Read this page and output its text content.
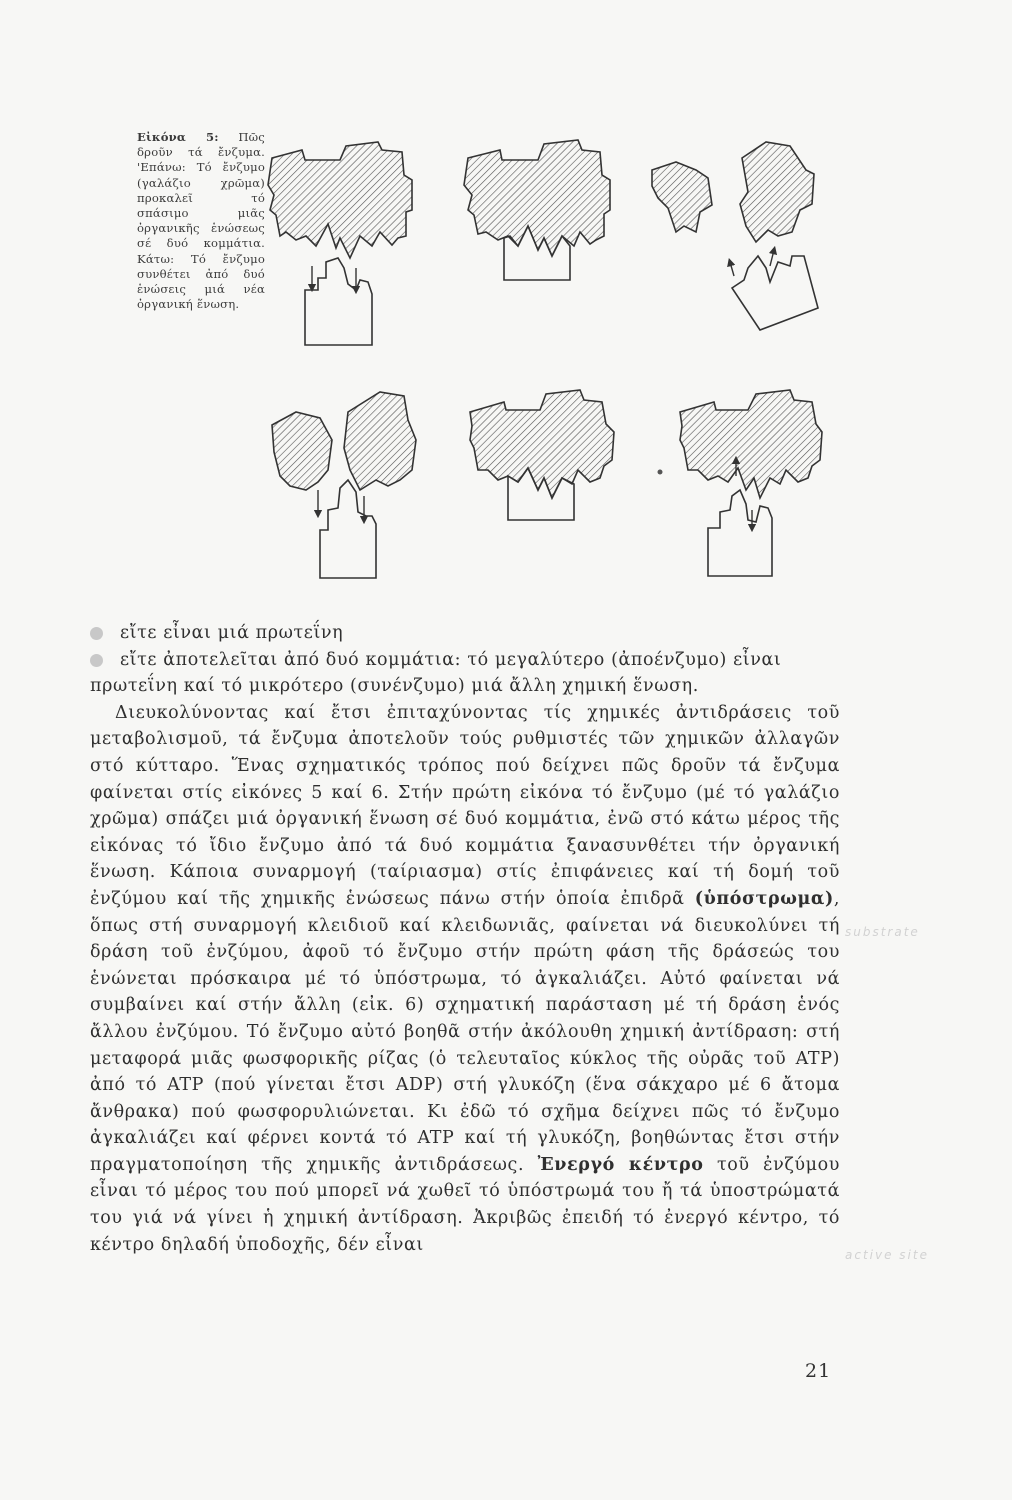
Εἰκόνα 5: Πῶς δροῦν τά ἔνζυμα. 'Επάνω: Τό ἔνζυμο (γαλάζιο χρῶμα) προκαλεῖ τό σπάσιμο μιᾶς ὀργανικῆς ἑνώσεως σέ δυό κομμάτια. Κάτω: Τό ἔνζυμο συνθέτει ἀπό δυό ἑνώσεις μιά νέα ὀργανική ἕνωση.
εἴτε εἶναι μιά πρωτεΐνη
εἴτε ἀποτελεῖται ἀπό δυό κομμάτια: τό μεγαλύτερο (ἀποένζυμο) εἶναι

πρωτεΐνη καί τό μικρότερο (συνένζυμο) μιά ἄλλη χημική ἕνωση.

Διευκολύνοντας καί ἔτσι ἐπιταχύνοντας τίς χημικές ἀντιδράσεις τοῦ μεταβολισμοῦ, τά ἔνζυμα ἀποτελοῦν τούς ρυθμιστές τῶν χημικῶν ἀλλαγῶν στό κύτταρο. Ἕνας σχηματικός τρόπος πού δείχνει πῶς δροῦν τά ἔνζυμα φαίνεται στίς εἰκόνες 5 καί 6. Στήν πρώτη εἰκόνα τό ἔνζυμο (μέ τό γαλάζιο χρῶμα) σπάζει μιά ὀργανική ἕνωση σέ δυό κομμάτια, ἐνῶ στό κάτω μέρος τῆς εἰκόνας τό ἴδιο ἔνζυμο ἀπό τά δυό κομμάτια ξανασυνθέτει τήν ὀργανική ἕνωση. Κάποια συναρμογή (ταίριασμα) στίς ἐπιφάνειες καί τή δομή τοῦ ἐνζύμου καί τῆς χημικῆς ἑνώσεως πάνω στήν ὁποία ἐπιδρᾶ (ὑπόστρωμα), ὅπως στή συναρμογή κλειδιοῦ καί κλειδωνιᾶς, φαίνεται νά διευκολύνει τή δράση τοῦ ἐνζύμου, ἀφοῦ τό ἔνζυμο στήν πρώτη φάση τῆς δράσεώς του ἑνώνεται πρόσκαιρα μέ τό ὑπόστρωμα, τό ἀγκαλιάζει. Αὐτό φαίνεται νά συμβαίνει καί στήν ἄλλη (εἰκ. 6) σχηματική παράσταση μέ τή δράση ἑνός ἄλλου ἐνζύμου. Τό ἔνζυμο αὐτό βοηθᾶ στήν ἀκόλουθη χημική ἀντίδραση: στή μεταφορά μιᾶς φωσφορικῆς ρίζας (ὁ τελευταῖος κύκλος τῆς οὐρᾶς τοῦ ATP) ἀπό τό ATP (πού γίνεται ἔτσι ADP) στή γλυκόζη (ἕνα σάκχαρο μέ 6 ἄτομα ἄνθρακα) πού φωσφορυλιώνεται. Κι ἐδῶ τό σχῆμα δείχνει πῶς τό ἔνζυμο ἀγκαλιάζει καί φέρνει κοντά τό ATP καί τή γλυκόζη, βοηθώντας ἔτσι στήν πραγματοποίηση τῆς χημικῆς ἀντιδράσεως. Ἐνεργό κέντρο τοῦ ἐνζύμου εἶναι τό μέρος του πού μπορεῖ νά χωθεῖ τό ὑπόστρωμά του ἤ τά ὑποστρώματά του γιά νά γίνει ἡ χημική ἀντίδραση. Ἀκριβῶς ἐπειδή τό ἐνεργό κέντρο, τό κέντρο δηλαδή ὑποδοχῆς, δέν εἶναι

substrate
active site
21
